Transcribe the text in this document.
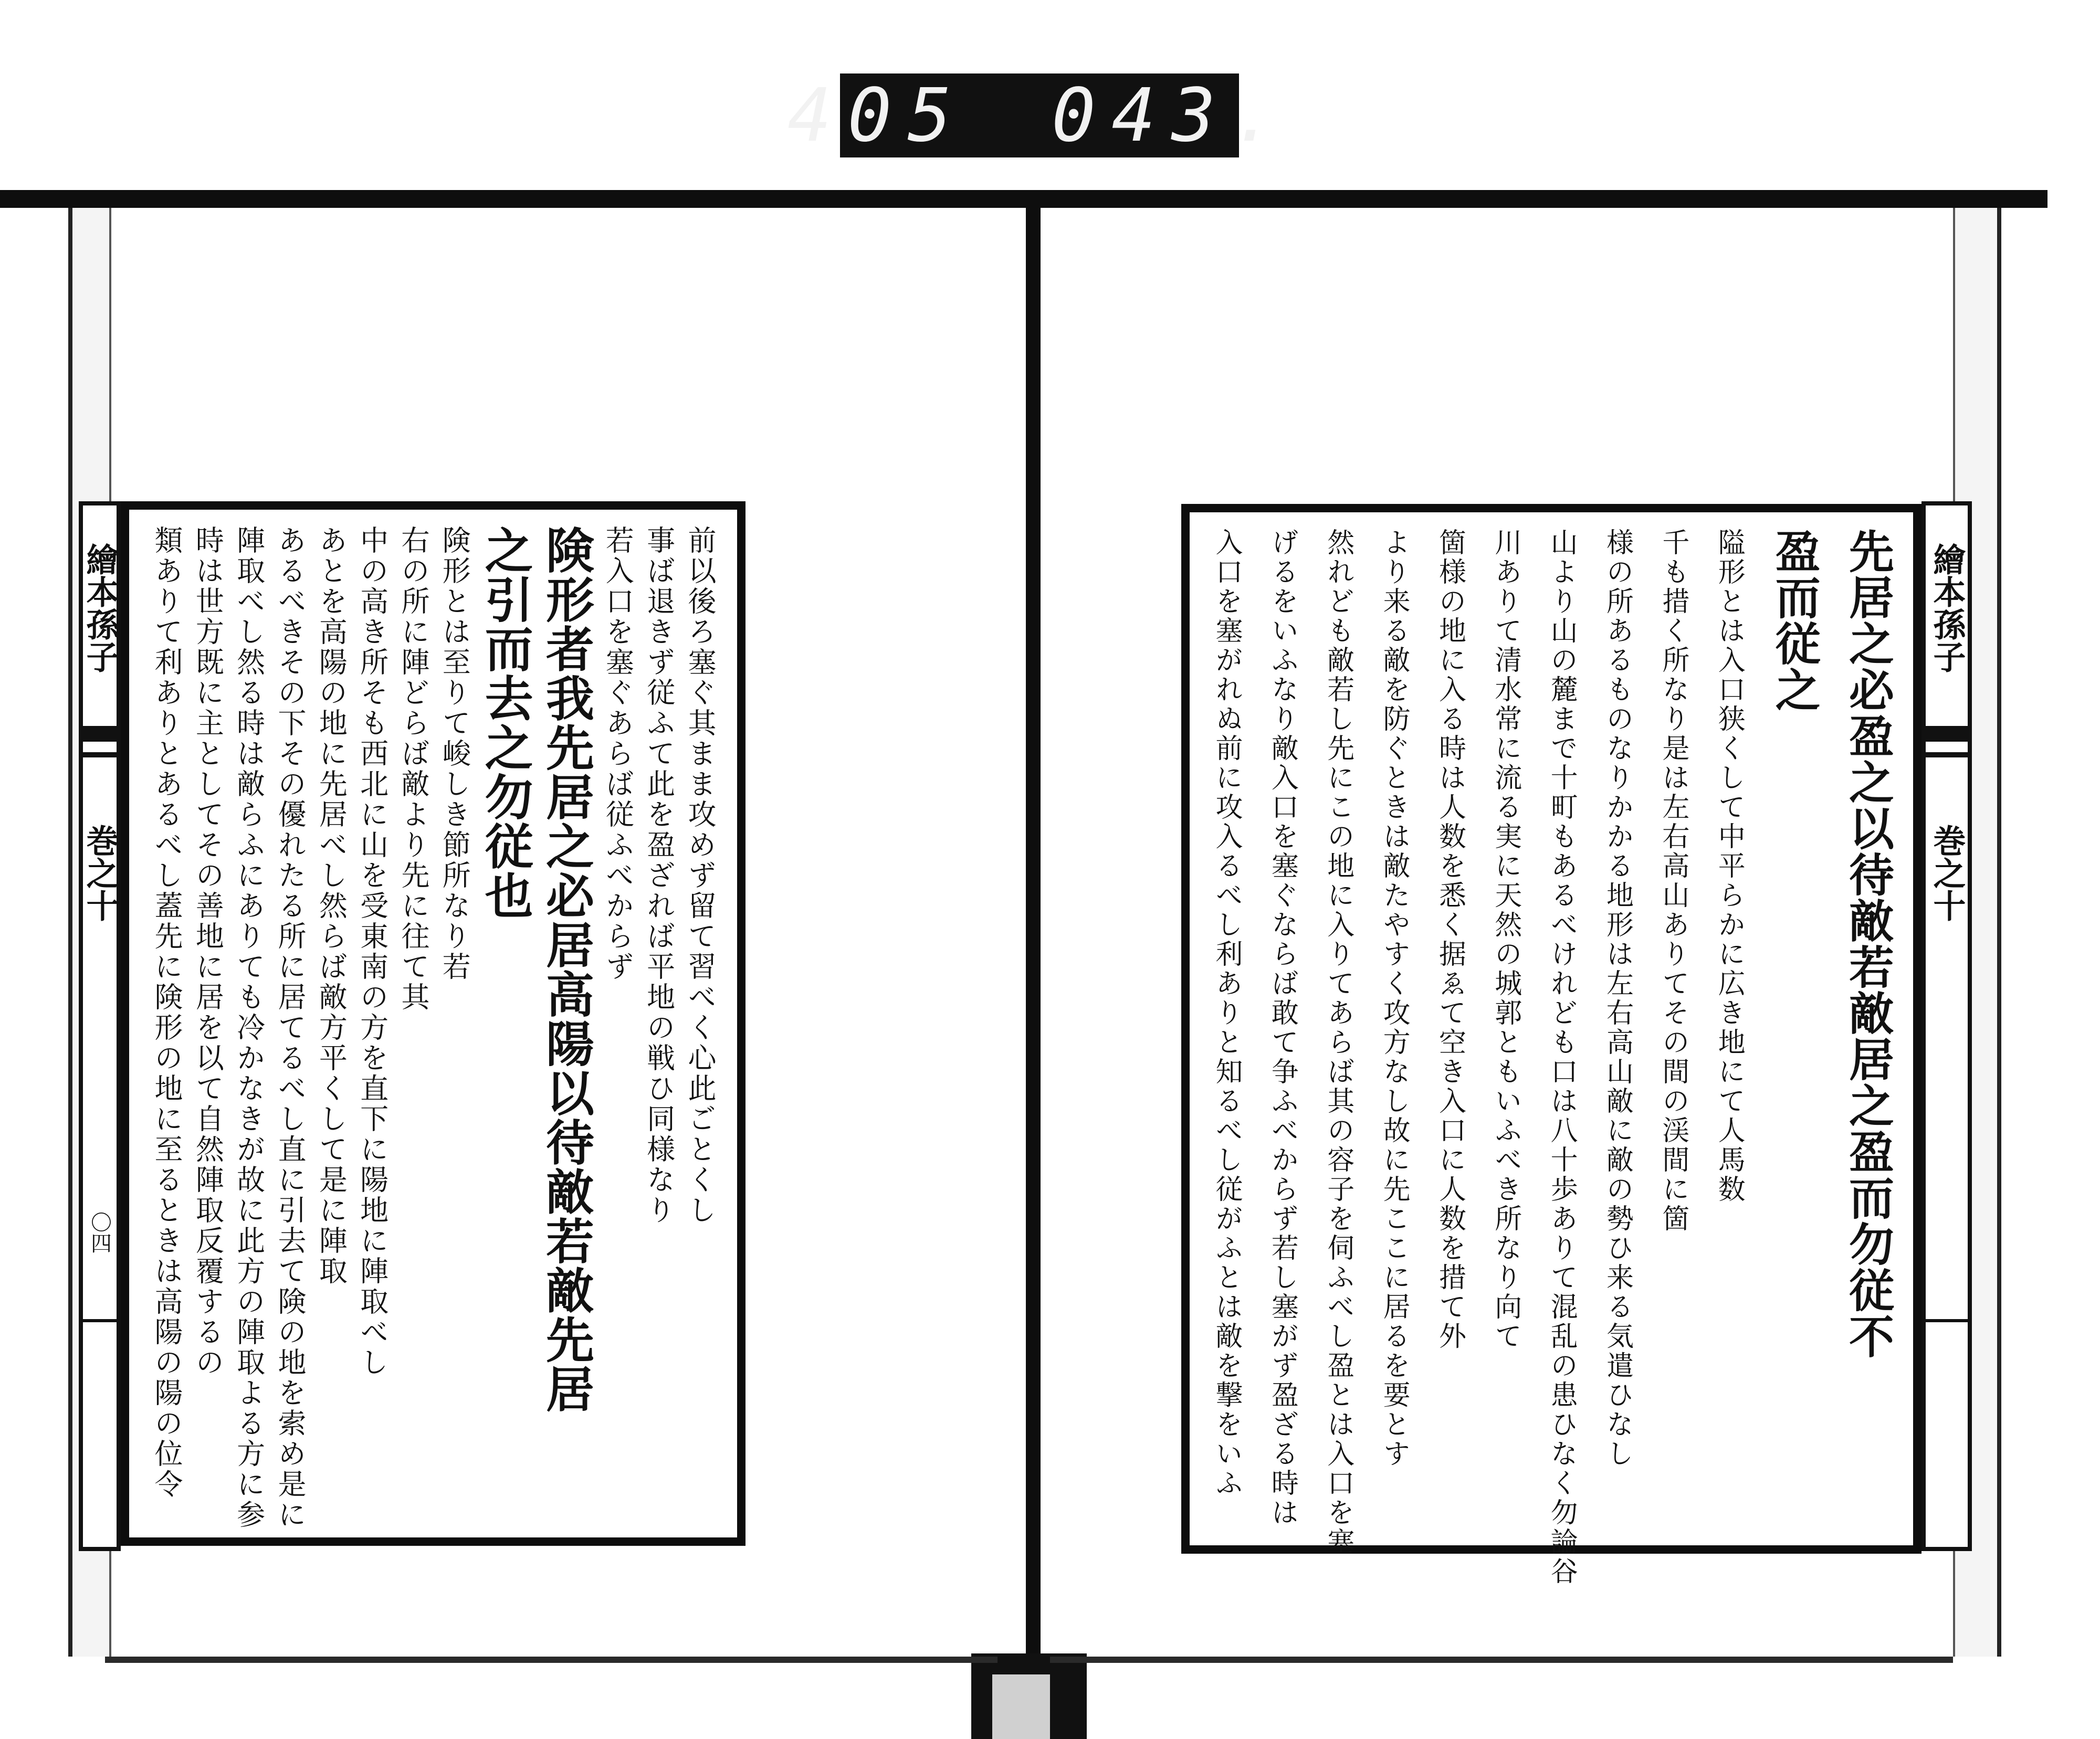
405 043.
繪本孫子
巻之十
〇四
前以後ろ塞ぐ其まま攻めず留て習べく心此ごとくし
事ば退きず従ふて此を盈ざれば平地の戦ひ同様なり
若入口を塞ぐあらば従ふべからず
険形者我先居之必居高陽以待敵若敵先居
之引而去之勿従也
険形とは至りて峻しき節所なり若
右の所に陣どらば敵より先に往て其
中の高き所そも西北に山を受東南の方を直下に陽地に陣取べし
あとを高陽の地に先居べし然らば敵方平くして是に陣取
あるべきその下その優れたる所に居てるべし直に引去て険の地を索め是に
陣取べし然る時は敵らふにありても冷かなきが故に此方の陣取よる方に参
時は世方既に主としてその善地に居を以て自然陣取反覆するの
類ありて利ありとあるべし蓋先に険形の地に至るときは高陽の陽の位令	先居之必盈之以待敵若敵居之盈而勿従不
盈而従之
隘形とは入口狭くして中平らかに広き地にて人馬数
千も措く所なり是は左右高山ありてその間の渓間に箇
様の所あるものなりかかる地形は左右高山敵に敵の勢ひ来る気遣ひなし
山より山の麓まで十町もあるべけれども口は八十歩ありて混乱の患ひなく勿論谷
川ありて清水常に流る実に天然の城郭ともいふべき所なり向て
箇様の地に入る時は人数を悉く据ゑて空き入口に人数を措て外
より来る敵を防ぐときは敵たやすく攻方なし故に先ここに居るを要とす
然れども敵若し先にこの地に入りてあらば其の容子を伺ふべし盈とは入口を塞
げるをいふなり敵入口を塞ぐならば敢て争ふべからず若し塞がず盈ざる時は
入口を塞がれぬ前に攻入るべし利ありと知るべし従がふとは敵を撃をいふ	繪本孫子
巻之十
